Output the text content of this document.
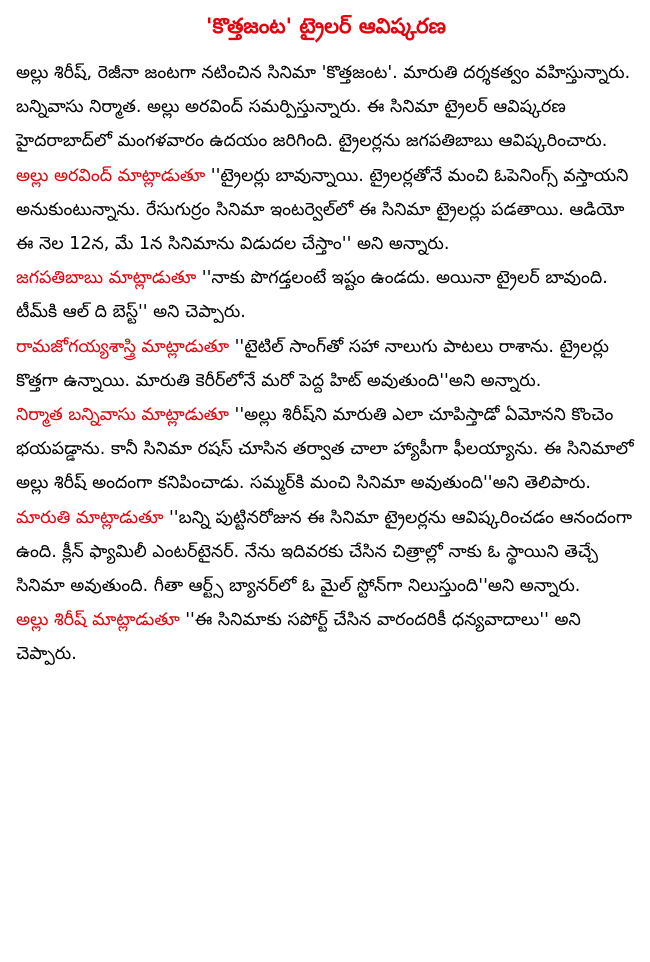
'కొత్తజంట' ట్రైలర్ ఆవిష్కరణ

అల్లు శిరీష్, రెజీనా జంటగా నటించిన సినిమా 'కొత్తజంట'. మారుతి దర్శకత్వం వహిస్తున్నారు. బన్నివాసు నిర్మాత. అల్లు అరవింద్ సమర్పిస్తున్నారు. ఈ సినిమా ట్రైలర్ ఆవిష్కరణ హైదరాబాద్‌లో మంగళవారం ఉదయం జరిగింది. ట్రైలర్లను జగపతిబాబు ఆవిష్కరించారు.

అల్లు అరవింద్ మాట్లాడుతూ ''ట్రైలర్లు బావున్నాయి. ట్రైలర్లతోనే మంచి ఓపెనింగ్స్ వస్తాయని అనుకుంటున్నాను. రేసుగుర్రం సినిమా ఇంటర్వెల్‌లో ఈ సినిమా ట్రైలర్లు పడతాయి. ఆడియో ఈ నెల 12న, మే 1న సినిమాను విడుదల చేస్తాం'' అని అన్నారు.

జగపతిబాబు మాట్లాడుతూ ''నాకు పొగడ్తలంటే ఇష్టం ఉండదు. అయినా ట్రైలర్ బావుంది. టీమ్‌కి ఆల్ ది బెస్ట్'' అని చెప్పారు.

రామజోగయ్యశాస్త్రి మాట్లాడుతూ ''టైటిల్ సాంగ్‌తో సహా నాలుగు పాటలు రాశాను. ట్రైలర్లు కొత్తగా ఉన్నాయి. మారుతి కెరీర్‌లోనే మరో పెద్ద హిట్ అవుతుంది''అని అన్నారు.

నిర్మాత బన్నివాసు మాట్లాడుతూ ''అల్లు శిరీష్‌ని మారుతి ఎలా చూపిస్తాడో ఏమోనని కొంచెం భయపడ్డాను. కానీ సినిమా రషస్ చూసిన తర్వాత చాలా హ్యాపీగా ఫీలయ్యాను. ఈ సినిమాలో అల్లు శిరీష్ అందంగా కనిపించాడు. సమ్మర్‌కి మంచి సినిమా అవుతుంది''అని తెలిపారు.

మారుతి మాట్లాడుతూ ''బన్ని పుట్టినరోజున ఈ సినిమా ట్రైలర్లను ఆవిష్కరించడం ఆనందంగా ఉంది. క్లీన్ ఫ్యామిలీ ఎంటర్‌టైనర్. నేను ఇదివరకు చేసిన చిత్రాల్లో నాకు ఓ స్థాయిని తెచ్చే సినిమా అవుతుంది. గీతా ఆర్ట్స్ బ్యానర్‌లో ఓ మైల్ స్టోన్‌గా నిలుస్తుంది''అని అన్నారు.

అల్లు శిరీష్ మాట్లాడుతూ ''ఈ సినిమాకు సపోర్ట్ చేసిన వారందరికీ ధన్యవాదాలు'' అని చెప్పారు.
